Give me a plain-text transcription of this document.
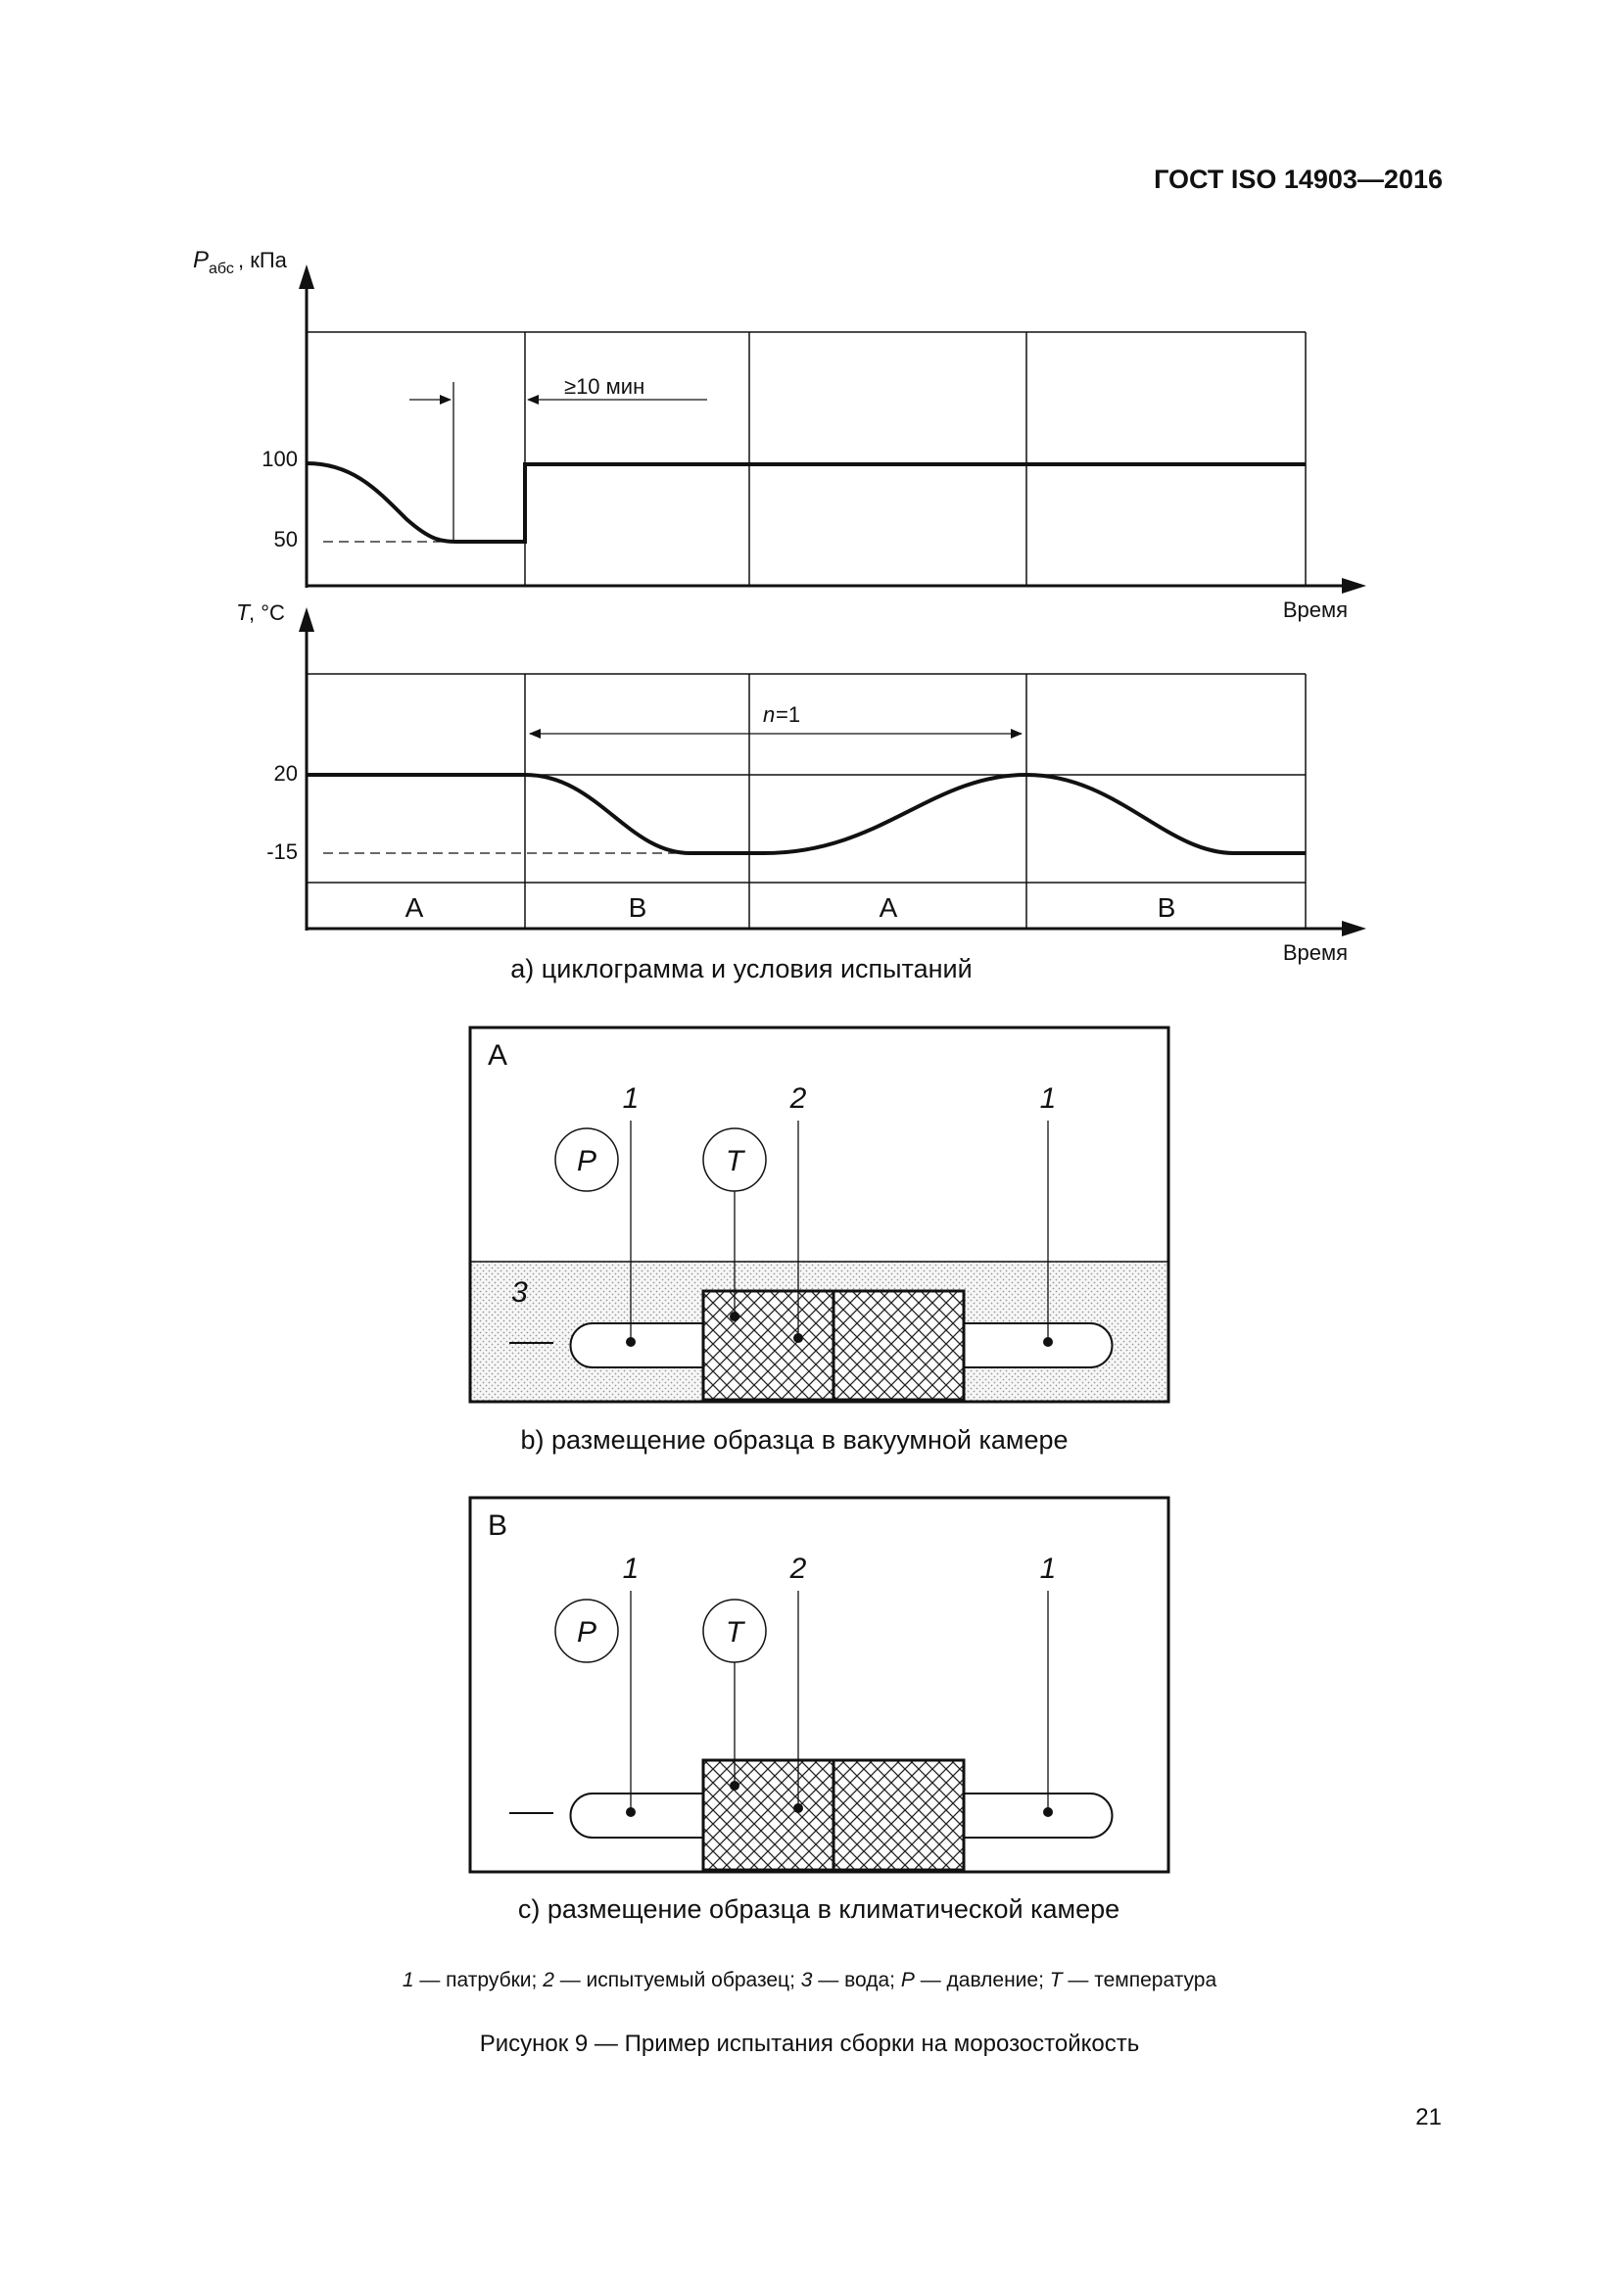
ГОСТ ISO 14903—2016
≥10 мин
P абс , кПа
100
50
Время
n =1
T
, °C
20
-15
A	B	A	B
Время
a) циклограмма и условия испытаний
A
3
P	T
1	2	1
b) размещение образца в вакуумной камере
B
P	T
1	2	1
c) размещение образца в климатической камере
21
1 — патрубки; 2 — испытуемый образец; 3 — вода; P — давление; T — температура
Рисунок 9 — Пример испытания сборки на морозостойкость
